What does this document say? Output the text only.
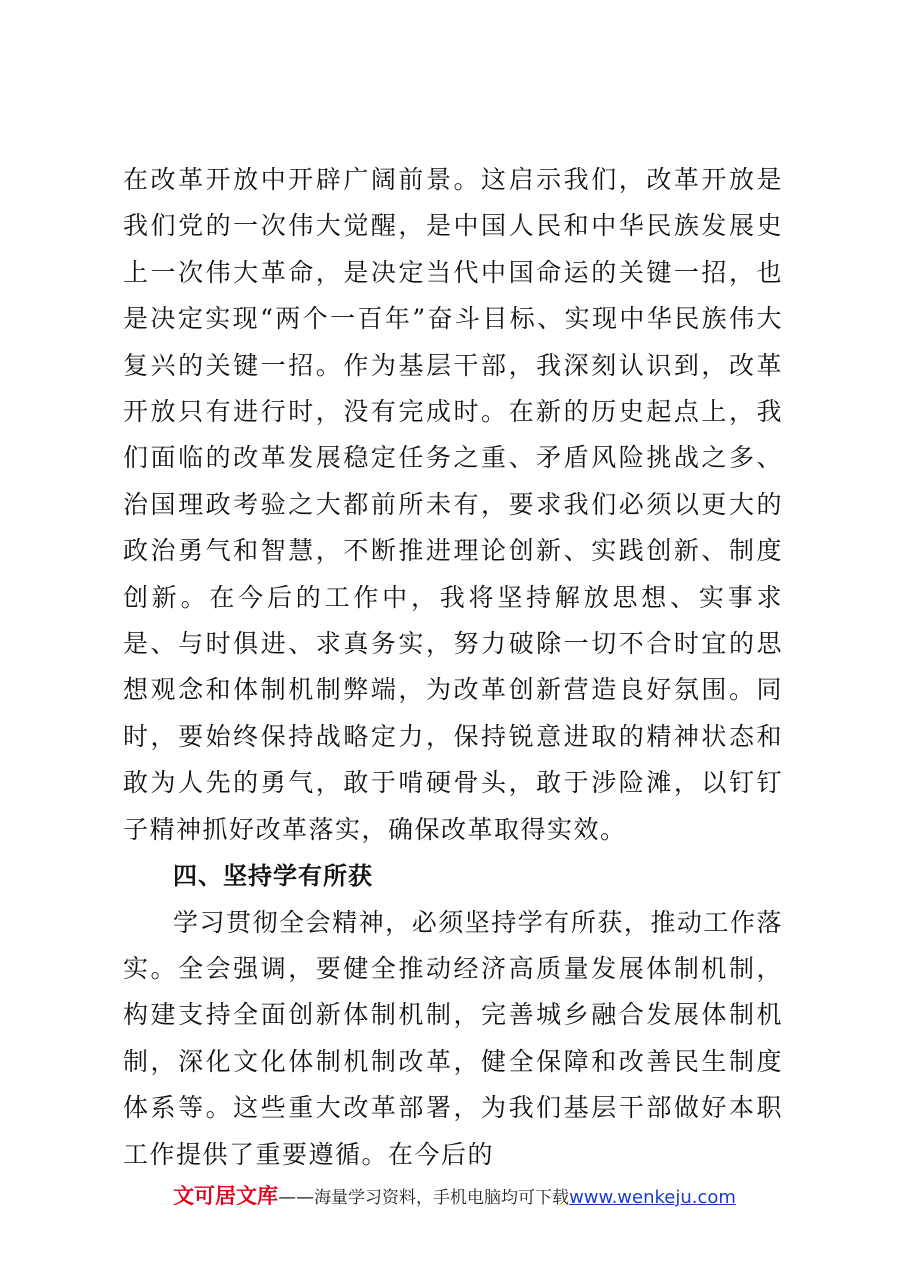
在改革开放中开辟广阔前景。这启示我们，改革开放是我们党的一次伟大觉醒，是中国人民和中华民族发展史上一次伟大革命，是决定当代中国命运的关键一招，也是决定实现“两个一百年”奋斗目标、实现中华民族伟大复兴的关键一招。作为基层干部，我深刻认识到，改革开放只有进行时，没有完成时。在新的历史起点上，我们面临的改革发展稳定任务之重、矛盾风险挑战之多、治国理政考验之大都前所未有，要求我们必须以更大的政治勇气和智慧，不断推进理论创新、实践创新、制度创新。在今后的工作中，我将坚持解放思想、实事求是、与时俱进、求真务实，努力破除一切不合时宜的思想观念和体制机制弊端，为改革创新营造良好氛围。同时，要始终保持战略定力，保持锐意进取的精神状态和敢为人先的勇气，敢于啃硬骨头，敢于涉险滩，以钉钉子精神抓好改革落实，确保改革取得实效。

四、坚持学有所获

学习贯彻全会精神，必须坚持学有所获，推动工作落实。全会强调，要健全推动经济高质量发展体制机制，构建支持全面创新体制机制，完善城乡融合发展体制机制，深化文化体制机制改革，健全保障和改善民生制度体系等。这些重大改革部署，为我们基层干部做好本职工作提供了重要遵循。在今后的

文可居文库——海量学习资料，手机电脑均可下载www.wenkeju.com
